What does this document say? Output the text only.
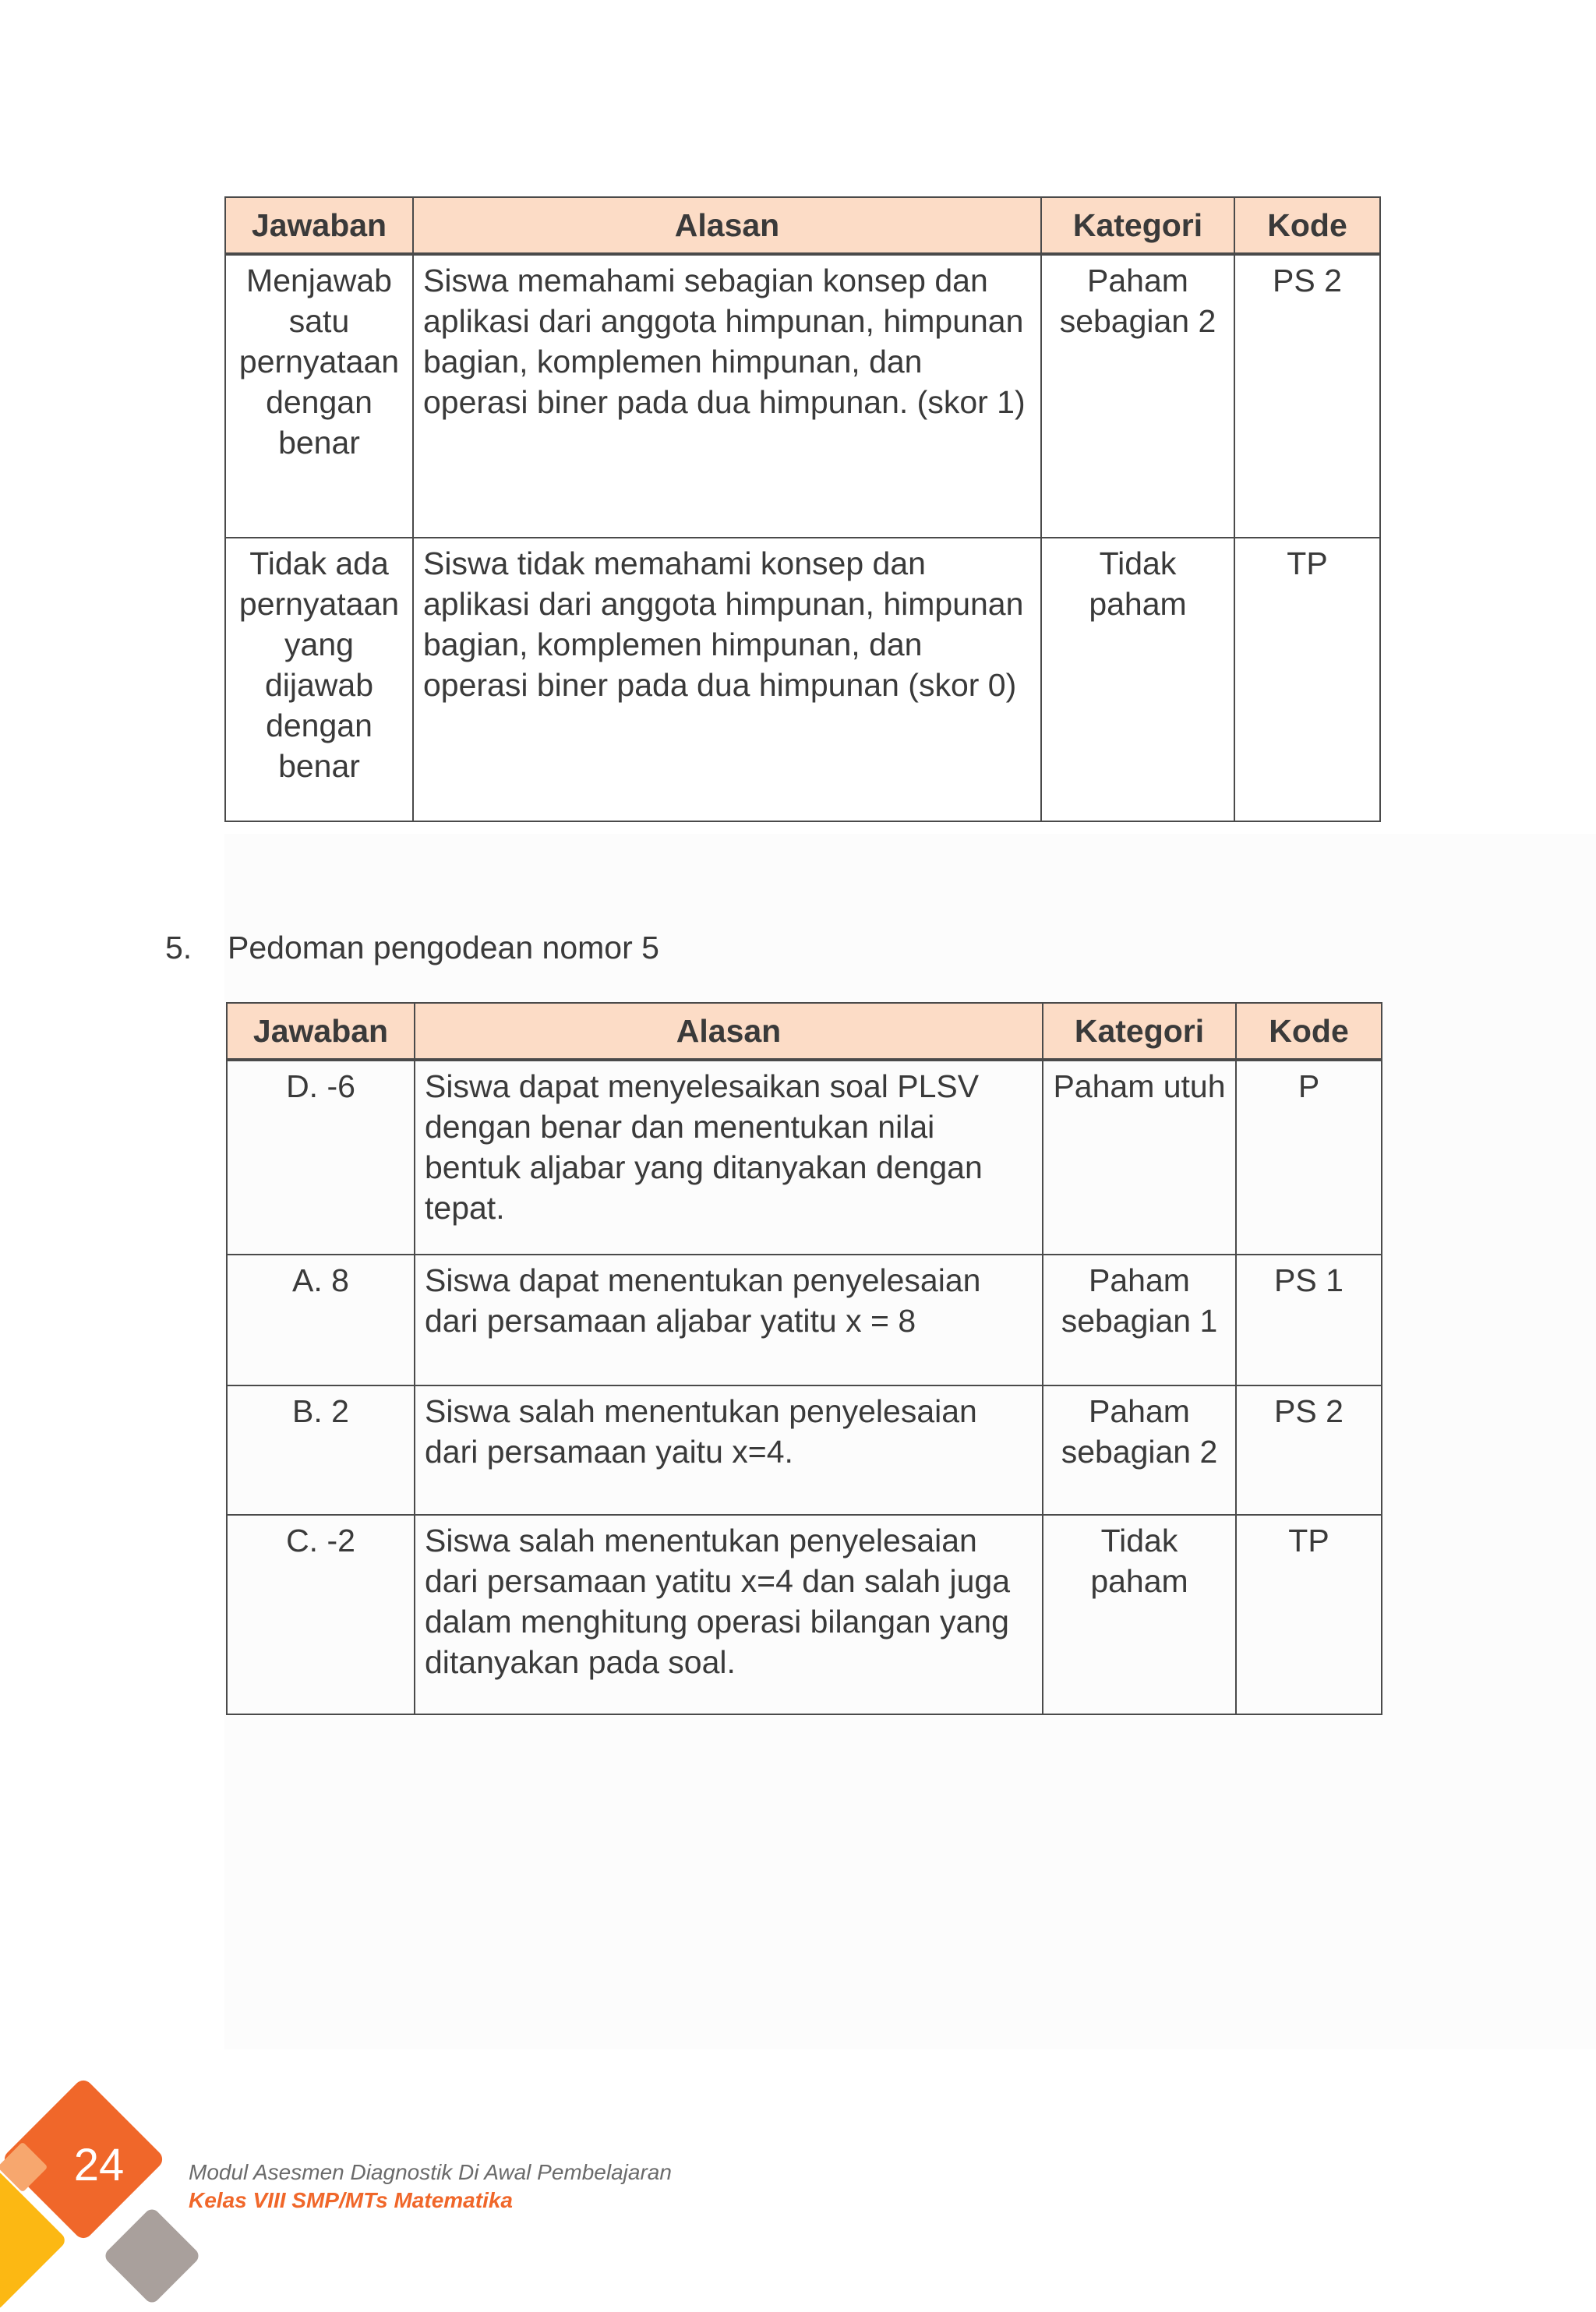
Jawaban	Alasan	Kategori	Kode
Menjawab satu pernyataan dengan benar	Siswa memahami sebagian konsep dan aplikasi dari anggota himpunan, himpunan bagian, komplemen himpunan, dan operasi biner pada dua himpunan. (skor 1)	Paham sebagian 2	PS 2
Tidak ada pernyataan yang dijawab dengan benar	Siswa tidak memahami konsep dan aplikasi dari anggota himpunan, himpunan bagian, komplemen himpunan, dan operasi biner pada dua himpunan (skor 0)	Tidak paham	TP
5. Pedoman pengodean nomor 5
Jawaban	Alasan	Kategori	Kode
D. -6	Siswa dapat menyelesaikan soal PLSV dengan benar dan menentukan nilai bentuk aljabar yang ditanyakan dengan tepat.	Paham utuh	P
A. 8	Siswa dapat menentukan penyelesaian dari persamaan aljabar yatitu x = 8	Paham sebagian 1	PS 1
B. 2	Siswa salah menentukan penyelesaian dari persamaan yaitu x=4.	Paham sebagian 2	PS 2
C. -2	Siswa salah menentukan penyelesaian dari persamaan yatitu x=4 dan salah juga dalam menghitung operasi bilangan yang ditanyakan pada soal.	Tidak paham	TP
24	Modul Asesmen Diagnostik Di Awal Pembelajaran
Kelas VIII SMP/MTs Matematika
